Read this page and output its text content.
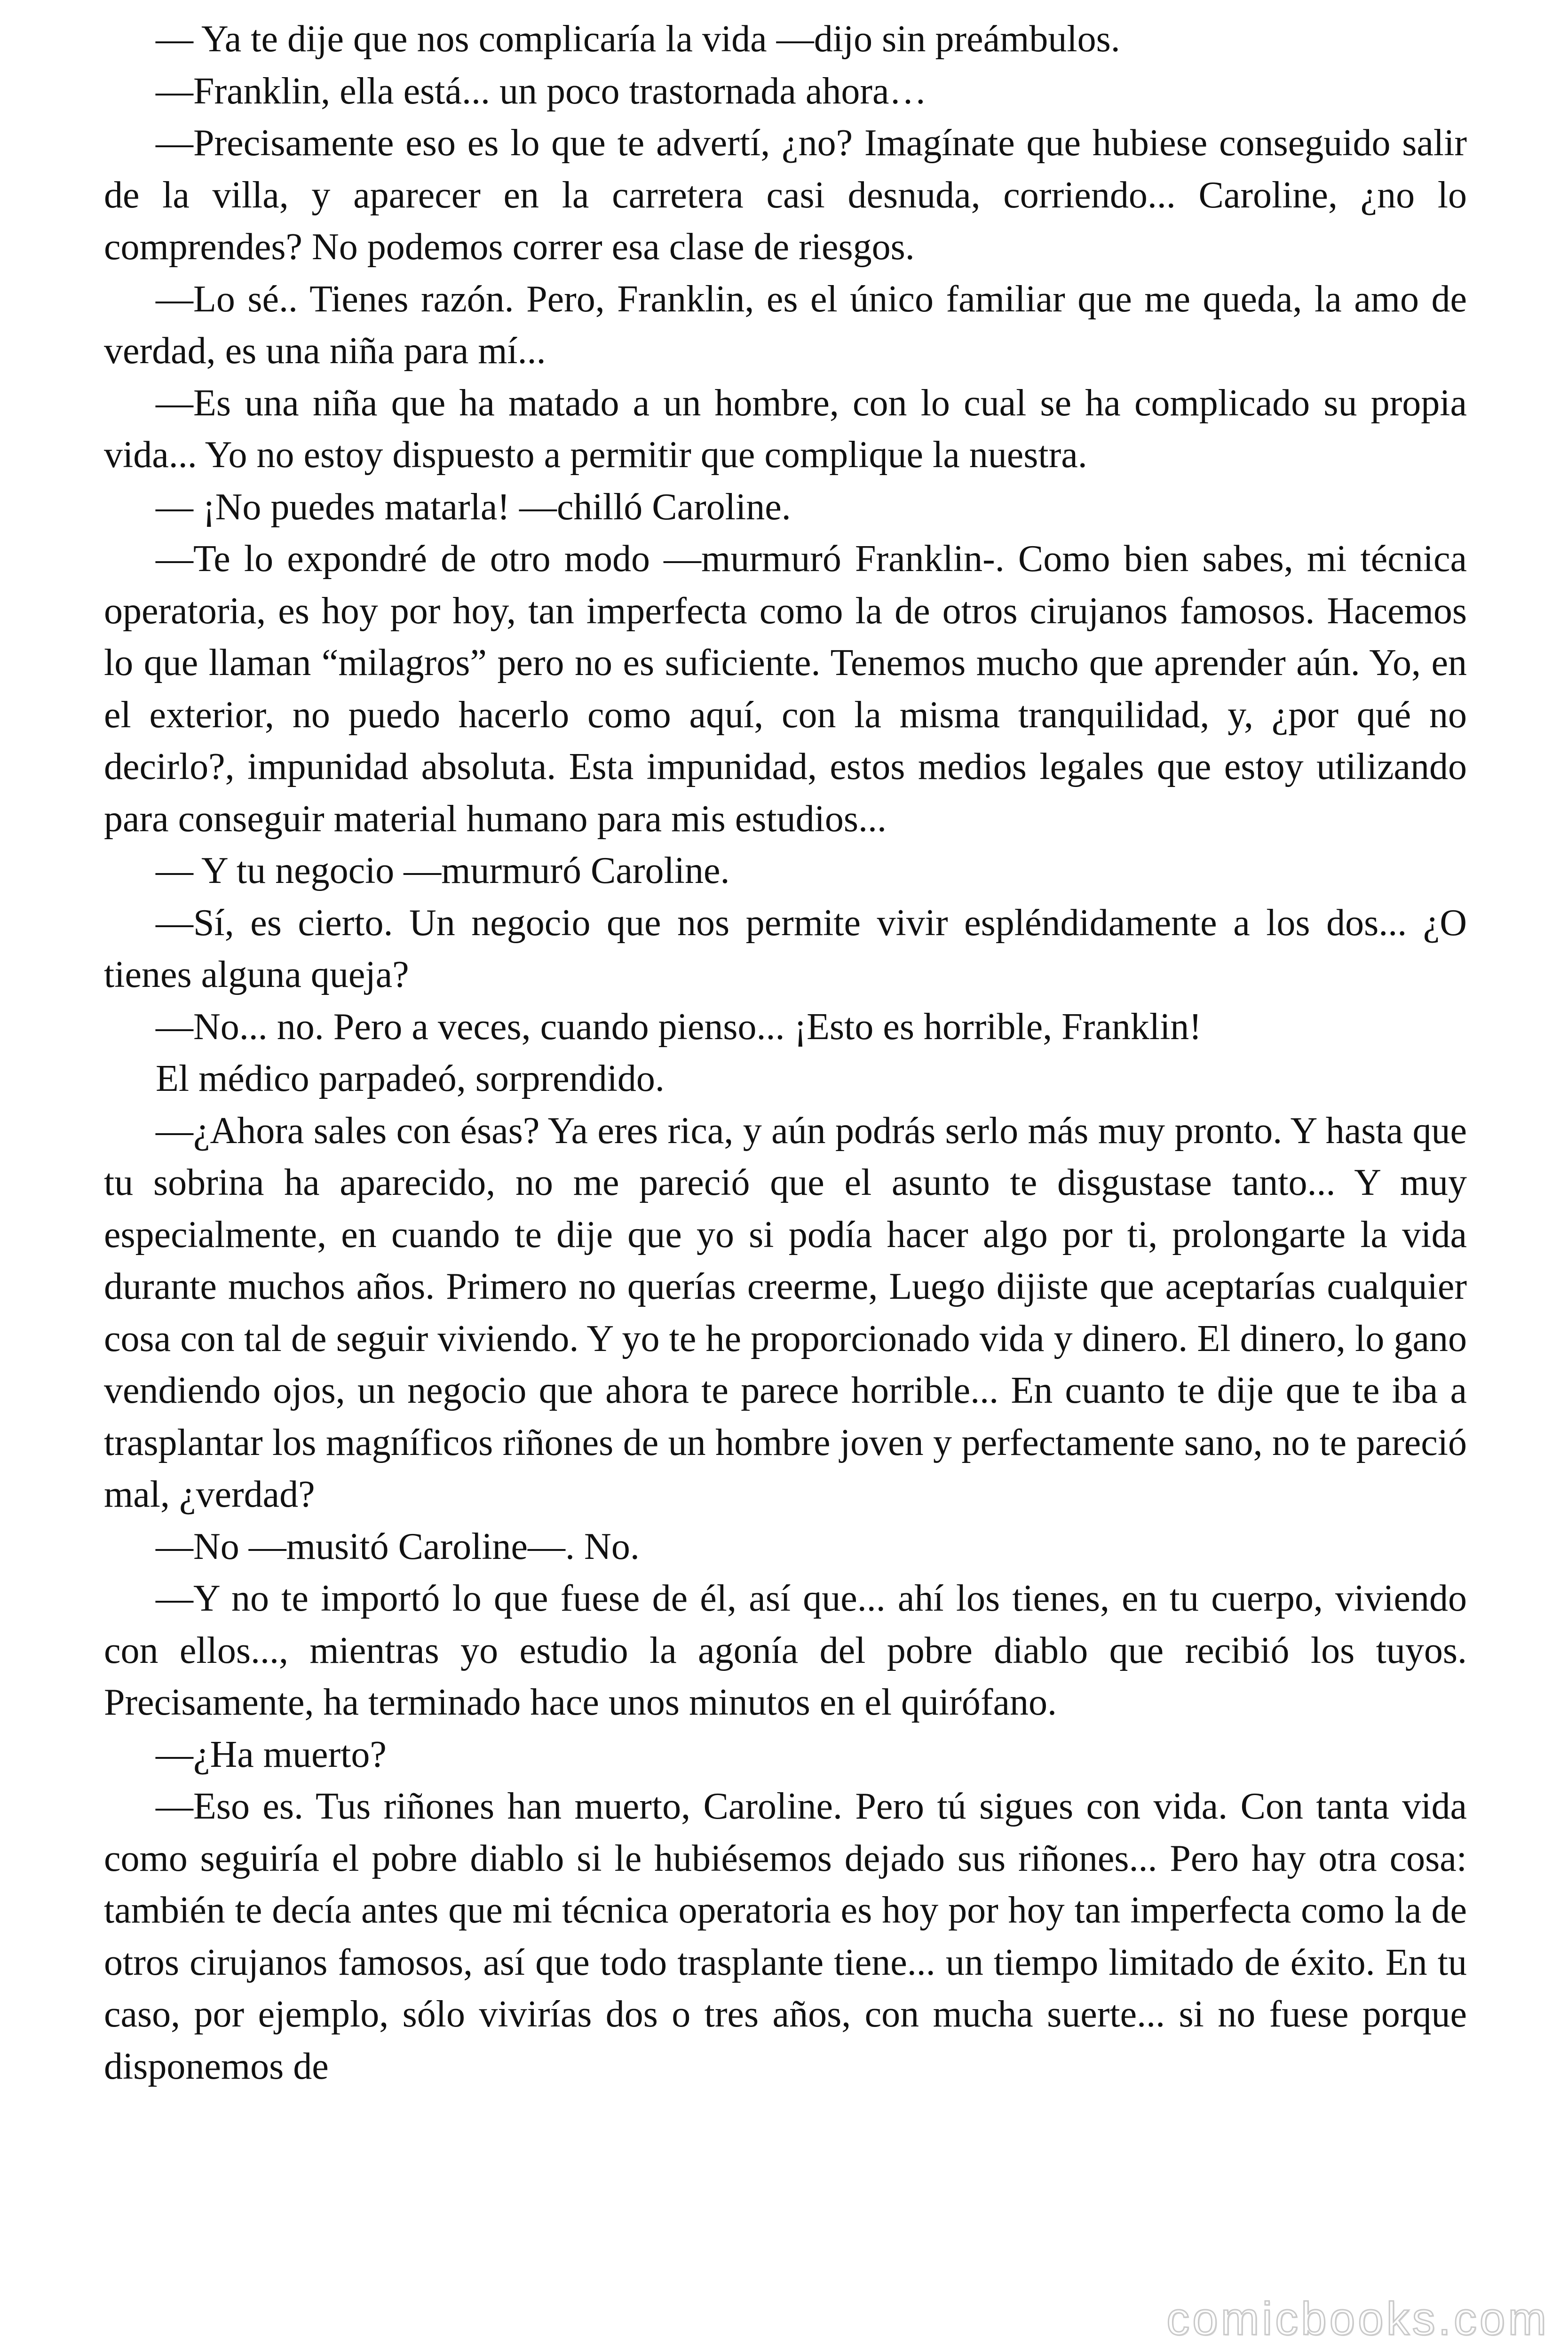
— Ya te dije que nos complicaría la vida —dijo sin preámbulos.

—Franklin, ella está... un poco trastornada ahora…

—Precisamente eso es lo que te advertí, ¿no? Imagínate que hubiese conseguido salir de la villa, y aparecer en la carretera casi desnuda, corriendo... Caroline, ¿no lo comprendes? No podemos correr esa clase de riesgos.

—Lo sé.. Tienes razón. Pero, Franklin, es el único familiar que me queda, la amo de verdad, es una niña para mí...

—Es una niña que ha matado a un hombre, con lo cual se ha complicado su propia vida... Yo no estoy dispuesto a permitir que complique la nuestra.

— ¡No puedes matarla! —chilló Caroline.

—Te lo expondré de otro modo —murmuró Franklin-. Como bien sabes, mi técnica operatoria, es hoy por hoy, tan imperfecta como la de otros cirujanos famosos. Hacemos lo que llaman “milagros” pero no es suficiente. Tenemos mucho que aprender aún. Yo, en el exterior, no puedo hacerlo como aquí, con la misma tranquilidad, y, ¿por qué no decirlo?, impunidad absoluta. Esta impunidad, estos medios legales que estoy utilizando para conseguir material humano para mis estudios...

— Y tu negocio —murmuró Caroline.

—Sí, es cierto. Un negocio que nos permite vivir espléndidamente a los dos... ¿O tienes alguna queja?

—No... no. Pero a veces, cuando pienso... ¡Esto es horrible, Franklin!

El médico parpadeó, sorprendido.

—¿Ahora sales con ésas? Ya eres rica, y aún podrás serlo más muy pronto. Y hasta que tu sobrina ha aparecido, no me pareció que el asunto te disgustase tanto... Y muy especialmente, en cuando te dije que yo si podía hacer algo por ti, prolongarte la vida durante muchos años. Primero no querías creerme, Luego dijiste que aceptarías cualquier cosa con tal de seguir viviendo. Y yo te he proporcionado vida y dinero. El dinero, lo gano vendiendo ojos, un negocio que ahora te parece horrible... En cuanto te dije que te iba a trasplantar los magníficos riñones de un hombre joven y perfectamente sano, no te pareció mal, ¿verdad?

—No —musitó Caroline—. No.

—Y no te importó lo que fuese de él, así que... ahí los tienes, en tu cuerpo, viviendo con ellos..., mientras yo estudio la agonía del pobre diablo que recibió los tuyos. Precisamente, ha terminado hace unos minutos en el quirófano.

—¿Ha muerto?

—Eso es. Tus riñones han muerto, Caroline. Pero tú sigues con vida. Con tanta vida como seguiría el pobre diablo si le hubiésemos dejado sus riñones... Pero hay otra cosa: también te decía antes que mi técnica operatoria es hoy por hoy tan imperfecta como la de otros cirujanos famosos, así que todo trasplante tiene... un tiempo limitado de éxito. En tu caso, por ejemplo, sólo vivirías dos o tres años, con mucha suerte... si no fuese porque disponemos de

comicbooks.com
